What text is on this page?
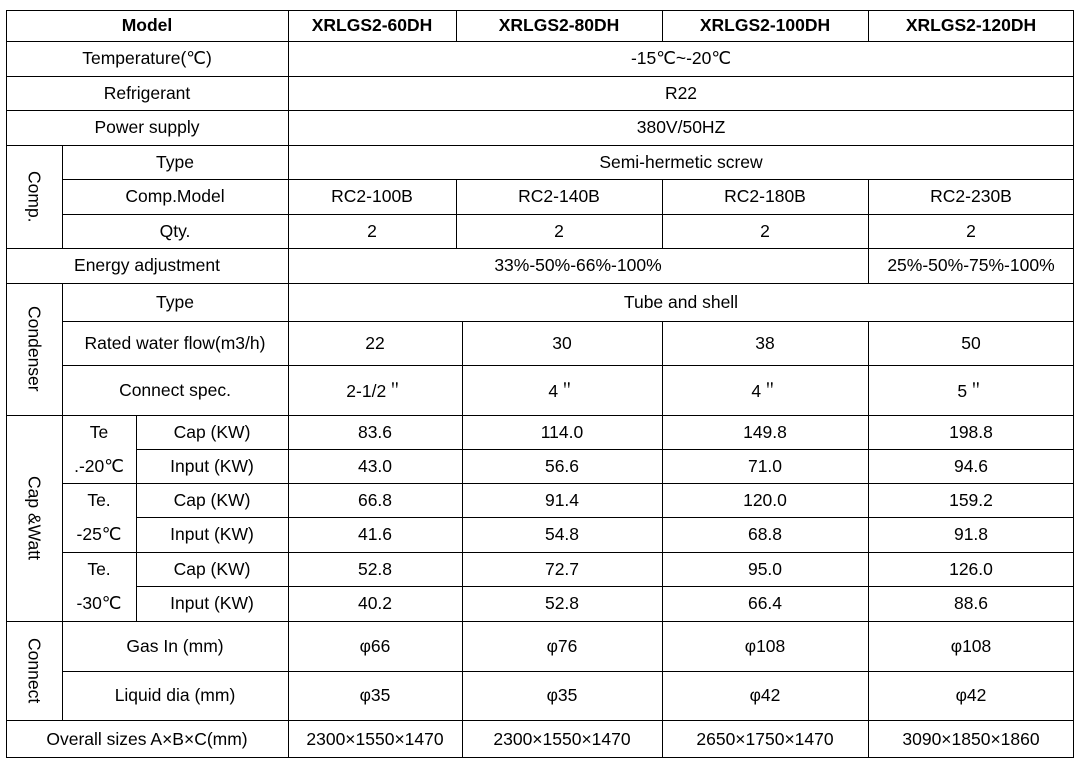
Model	XRLGS2-60DH	XRLGS2-80DH	XRLGS2-100DH	XRLGS2-120DH
Temperature(℃)	-15℃~-20℃
Refrigerant	R22
Power supply	380V/50HZ
Comp.
Type	Semi-hermetic screw
Comp.Model	RC2-100B	RC2-140B	RC2-180B	RC2-230B
Qty.	2	2	2	2
Energy adjustment	33%-50%-66%-100%	25%-50%-75%-100%
Condenser
Type	Tube and shell
Rated water flow(m3/h)	22	30	38	50
Connect spec.	2-1/2＂	4＂	4＂	5＂
Cap &Watt
Te
.-20℃
Cap (KW)	83.6	114.0	149.8	198.8
Input (KW)	43.0	56.6	71.0	94.6
Te.
-25℃
Cap (KW)	66.8	91.4	120.0	159.2
Input (KW)	41.6	54.8	68.8	91.8
Te.
-30℃
Cap (KW)	52.8	72.7	95.0	126.0
Input (KW)	40.2	52.8	66.4	88.6
Connect	Gas In (mm)	φ66	φ76	φ108	φ108
Liquid dia (mm)	φ35	φ35	φ42	φ42
Overall sizes A×B×C(mm)	2300×1550×1470	2300×1550×1470	2650×1750×1470	3090×1850×1860
